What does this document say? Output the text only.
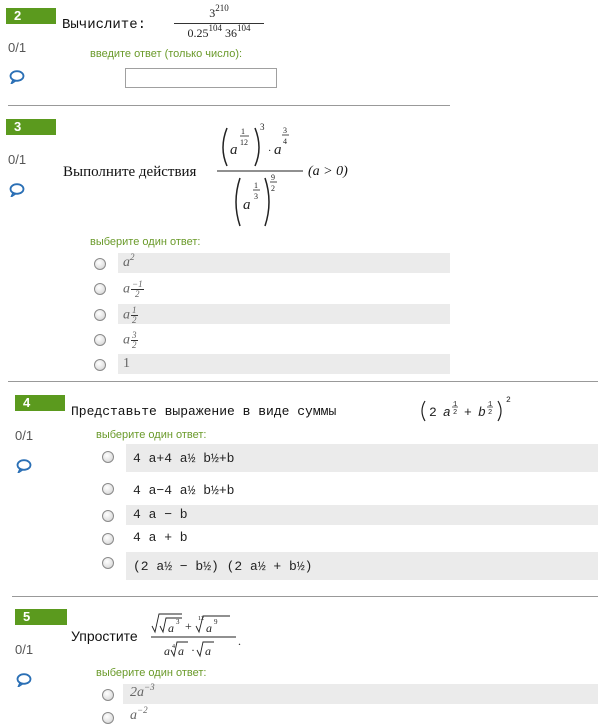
2
0/1
Вычислите: $\frac{3^{210}}{0.25^{104} 36^{104}}$
введите ответ (только число):
3
0/1
Выполните действия
a
1
12
3
· a
3
4
a
1
3
9
2
(a > 0)
выберите один ответ:
$a^2$
a $\frac{-1}{2}$
a $\frac{1}{2}$
a $\frac{3}{2}$
1
4
0/1
Представьте выражение в виде суммы	2 a 1
2 + b 1
2
2
выберите один ответ:
4 a+4 a½ b½+b
4 a−4 a½ b½+b
4 a − b
4 a + b
(2 a½ − b½) (2 a½ + b½)
5
0/1
Упростите	a 3 + 12
a 9
a 4 a · a
.
выберите один ответ:
$2a^{-3}$
$a^{-2}$
